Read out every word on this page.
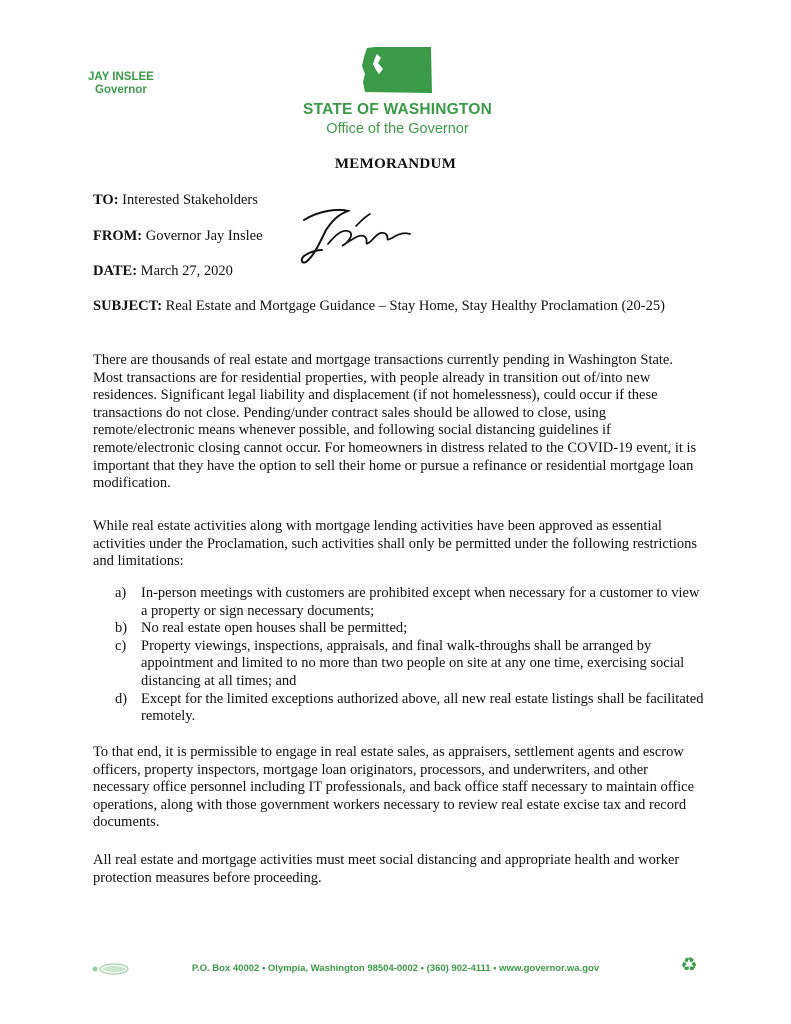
JAY INSLEE
Governor
STATE OF WASHINGTON
Office of the Governor
MEMORANDUM
TO: Interested Stakeholders
FROM: Governor Jay Inslee
DATE: March 27, 2020
SUBJECT: Real Estate and Mortgage Guidance – Stay Home, Stay Healthy Proclamation (20-25)

There are thousands of real estate and mortgage transactions currently pending in Washington State. Most transactions are for residential properties, with people already in transition out of/into new residences. Significant legal liability and displacement (if not homelessness), could occur if these transactions do not close. Pending/under contract sales should be allowed to close, using remote/electronic means whenever possible, and following social distancing guidelines if remote/electronic closing cannot occur. For homeowners in distress related to the COVID-19 event, it is important that they have the option to sell their home or pursue a refinance or residential mortgage loan modification.

While real estate activities along with mortgage lending activities have been approved as essential activities under the Proclamation, such activities shall only be permitted under the following restrictions and limitations:

a) In-person meetings with customers are prohibited except when necessary for a customer to view a property or sign necessary documents;
b) No real estate open houses shall be permitted;
c) Property viewings, inspections, appraisals, and final walk-throughs shall be arranged by appointment and limited to no more than two people on site at any one time, exercising social distancing at all times; and
d) Except for the limited exceptions authorized above, all new real estate listings shall be facilitated remotely.

To that end, it is permissible to engage in real estate sales, as appraisers, settlement agents and escrow officers, property inspectors, mortgage loan originators, processors, and underwriters, and other necessary office personnel including IT professionals, and back office staff necessary to maintain office operations, along with those government workers necessary to review real estate excise tax and record documents.

All real estate and mortgage activities must meet social distancing and appropriate health and worker protection measures before proceeding.

P.O. Box 40002 • Olympia, Washington 98504-0002 • (360) 902-4111 • www.governor.wa.gov	♻
